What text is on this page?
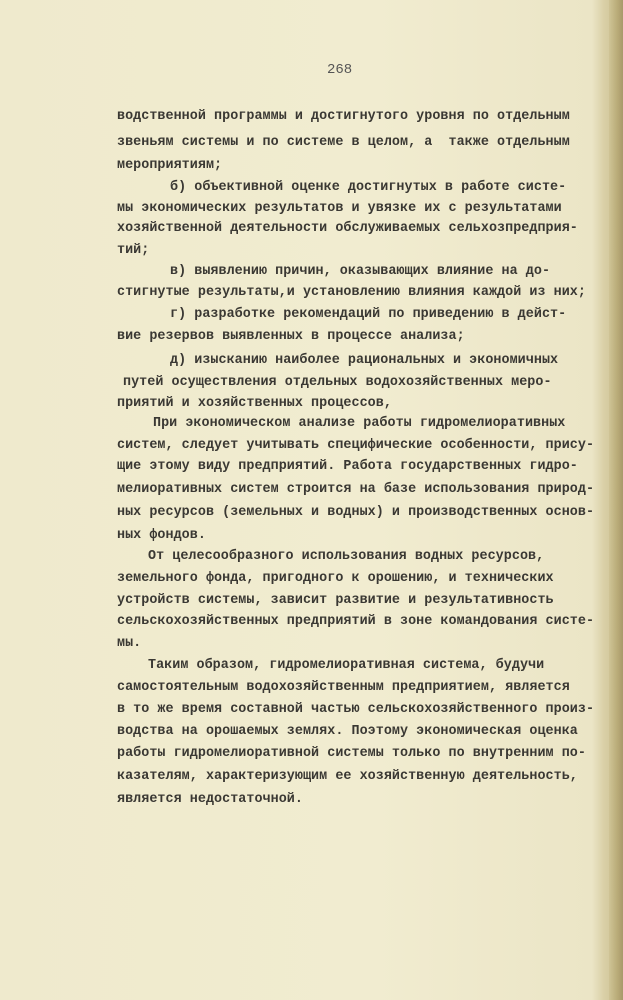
268
водственной программы и достигнутого уровня по отдельным
звеньям системы и по системе в целом, а  также отдельным
мероприятиям;
б) объективной оценке достигнутых в работе систе-
мы экономических результатов и увязке их с результатами
хозяйственной деятельности обслуживаемых сельхозпредприя-
тий;
в) выявлению причин, оказывающих влияние на до-
стигнутые результаты,и установлению влияния каждой из них;
г) разработке рекомендаций по приведению в дейст-
вие резервов выявленных в процессе анализа;
д) изысканию наиболее рациональных и экономичных
путей осуществления отдельных водохозяйственных меро-
приятий и хозяйственных процессов,
При экономическом анализе работы гидромелиоративных
систем, следует учитывать специфические особенности, прису-
щие этому виду предприятий. Работа государственных гидро-
мелиоративных систем строится на базе использования природ-
ных ресурсов (земельных и водных) и производственных основ-
ных фондов.
От целесообразного использования водных ресурсов,
земельного фонда, пригодного к орошению, и технических
устройств системы, зависит развитие и результативность
сельскохозяйственных предприятий в зоне командования систе-
мы.
Таким образом, гидромелиоративная система, будучи
самостоятельным водохозяйственным предприятием, является
в то же время составной частью сельскохозяйственного произ-
водства на орошаемых землях. Поэтому экономическая оценка
работы гидромелиоративной системы только по внутренним по-
казателям, характеризующим ее хозяйственную деятельность,
является недостаточной.
